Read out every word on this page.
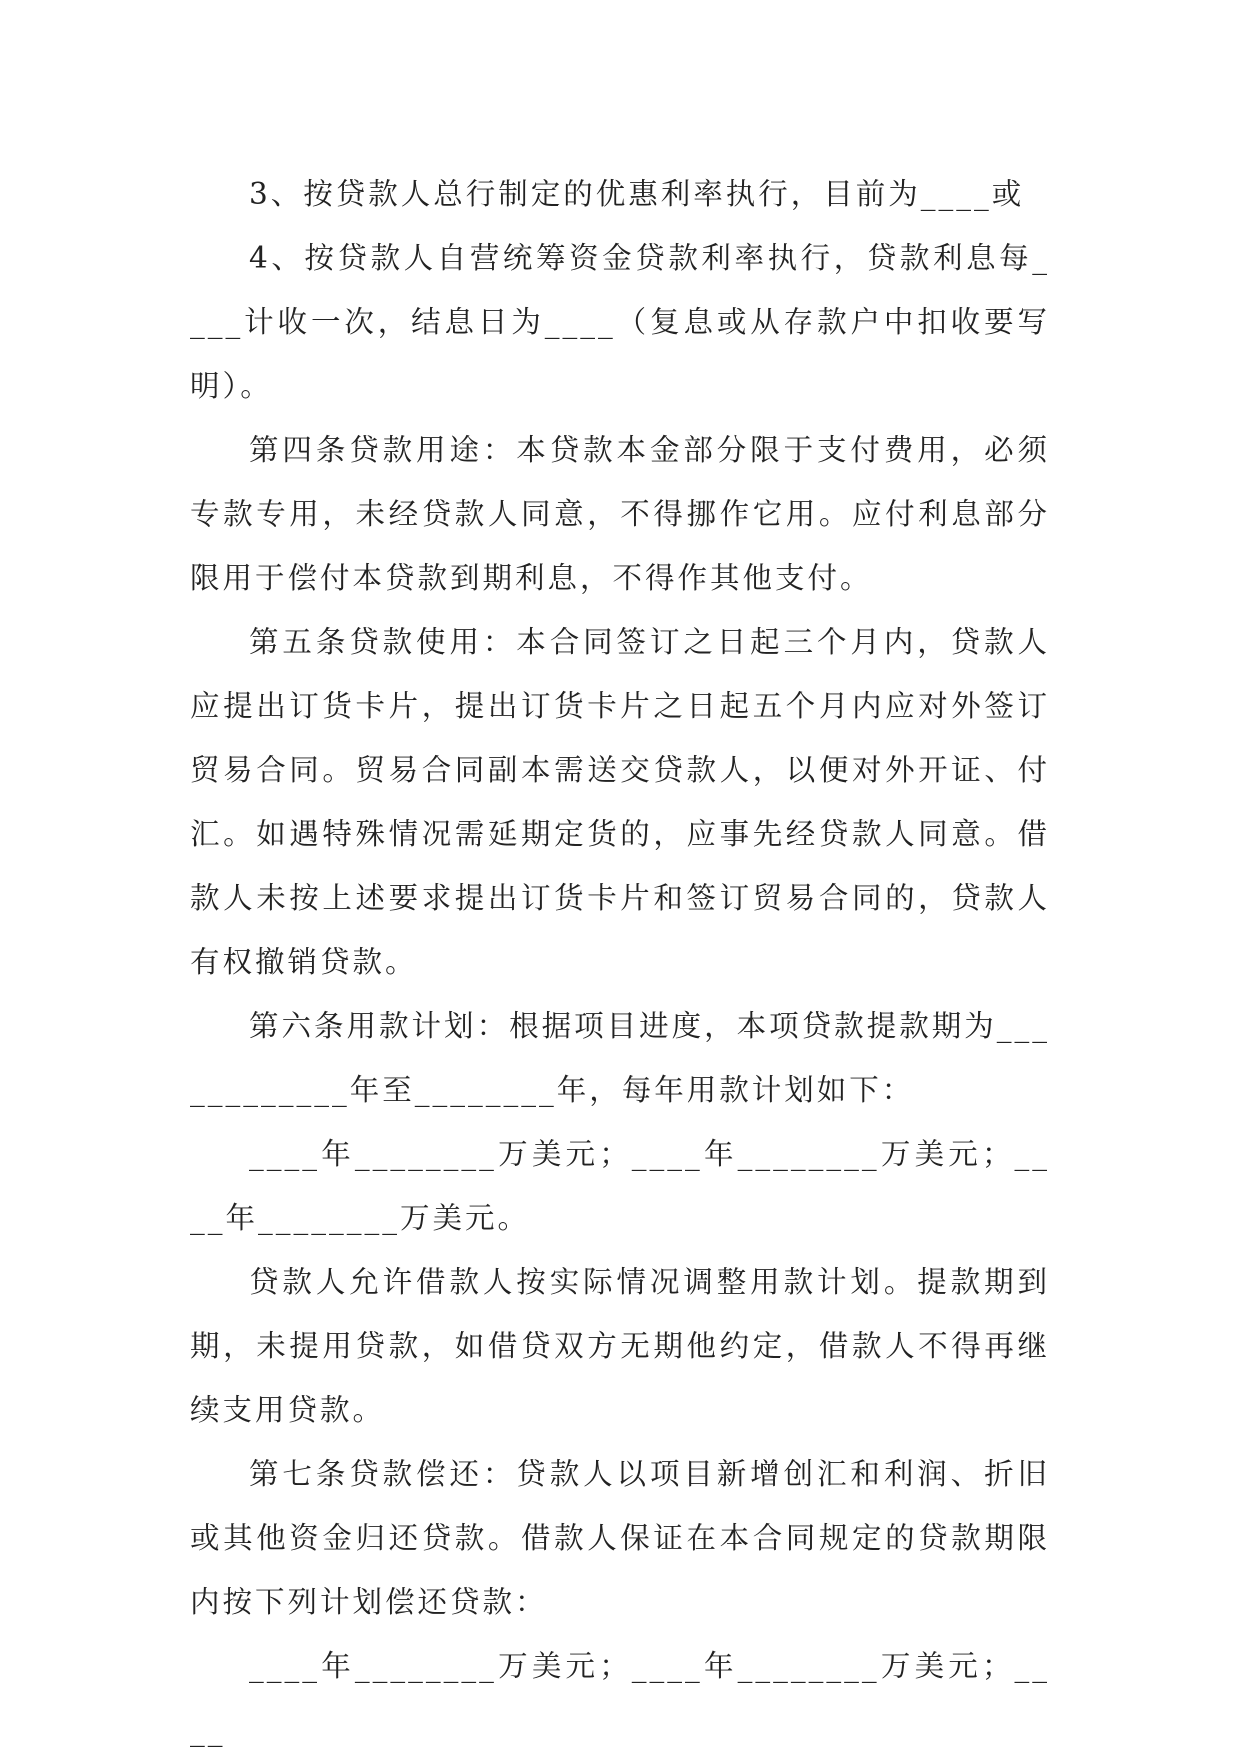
3、按贷款人总行制定的优惠利率执行，目前为____或

4、按贷款人自营统筹资金贷款利率执行，贷款利息每____计收一次，结息日为____（复息或从存款户中扣收要写明）。

第四条贷款用途：本贷款本金部分限于支付费用，必须专款专用，未经贷款人同意，不得挪作它用。应付利息部分限用于偿付本贷款到期利息，不得作其他支付。

第五条贷款使用：本合同签订之日起三个月内，贷款人应提出订货卡片，提出订货卡片之日起五个月内应对外签订贸易合同。贸易合同副本需送交贷款人，以便对外开证、付汇。如遇特殊情况需延期定货的，应事先经贷款人同意。借款人未按上述要求提出订货卡片和签订贸易合同的，贷款人有权撤销贷款。

第六条用款计划：根据项目进度，本项贷款提款期为____________年至________年，每年用款计划如下：

____年________万美元；____年________万美元；____年________万美元。

贷款人允许借款人按实际情况调整用款计划。提款期到期，未提用贷款，如借贷双方无期他约定，借款人不得再继续支用贷款。

第七条贷款偿还：贷款人以项目新增创汇和利润、折旧或其他资金归还贷款。借款人保证在本合同规定的贷款期限内按下列计划偿还贷款：

____年________万美元；____年________万美元；____
